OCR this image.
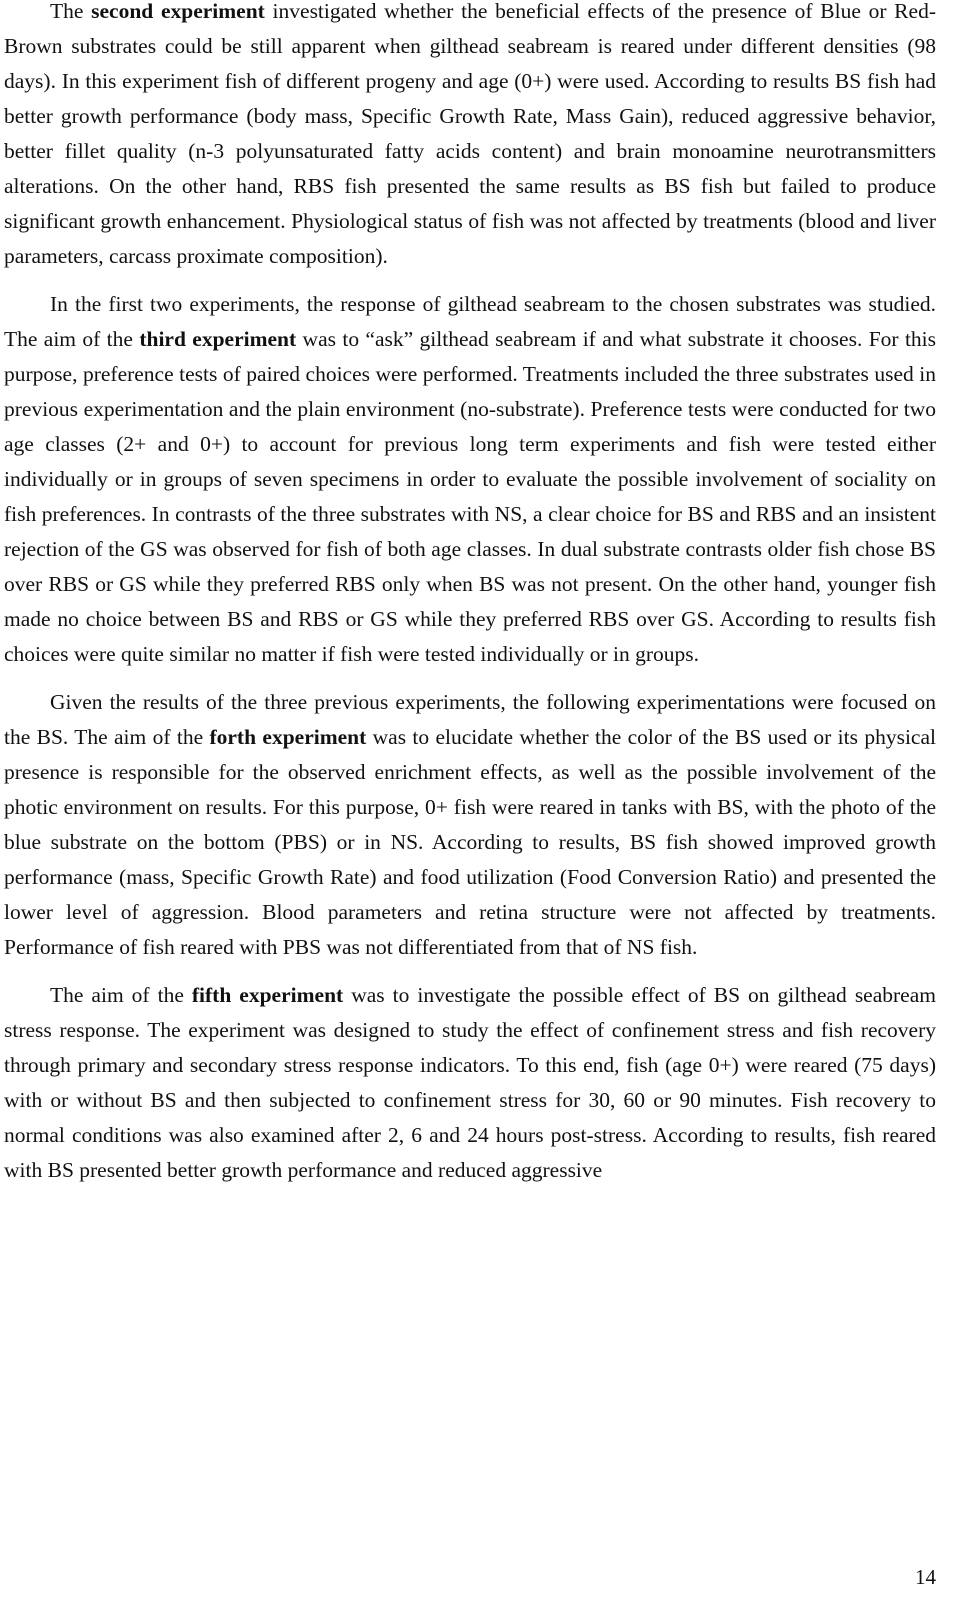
The second experiment investigated whether the beneficial effects of the presence of Blue or Red-Brown substrates could be still apparent when gilthead seabream is reared under different densities (98 days). In this experiment fish of different progeny and age (0+) were used. According to results BS fish had better growth performance (body mass, Specific Growth Rate, Mass Gain), reduced aggressive behavior, better fillet quality (n-3 polyunsaturated fatty acids content) and brain monoamine neurotransmitters alterations. On the other hand, RBS fish presented the same results as BS fish but failed to produce significant growth enhancement. Physiological status of fish was not affected by treatments (blood and liver parameters, carcass proximate composition).

In the first two experiments, the response of gilthead seabream to the chosen substrates was studied. The aim of the third experiment was to “ask” gilthead seabream if and what substrate it chooses. For this purpose, preference tests of paired choices were performed. Treatments included the three substrates used in previous experimentation and the plain environment (no-substrate). Preference tests were conducted for two age classes (2+ and 0+) to account for previous long term experiments and fish were tested either individually or in groups of seven specimens in order to evaluate the possible involvement of sociality on fish preferences. In contrasts of the three substrates with NS, a clear choice for BS and RBS and an insistent rejection of the GS was observed for fish of both age classes. In dual substrate contrasts older fish chose BS over RBS or GS while they preferred RBS only when BS was not present. On the other hand, younger fish made no choice between BS and RBS or GS while they preferred RBS over GS. According to results fish choices were quite similar no matter if fish were tested individually or in groups.

Given the results of the three previous experiments, the following experimentations were focused on the BS. The aim of the forth experiment was to elucidate whether the color of the BS used or its physical presence is responsible for the observed enrichment effects, as well as the possible involvement of the photic environment on results. For this purpose, 0+ fish were reared in tanks with BS, with the photo of the blue substrate on the bottom (PBS) or in NS. According to results, BS fish showed improved growth performance (mass, Specific Growth Rate) and food utilization (Food Conversion Ratio) and presented the lower level of aggression. Blood parameters and retina structure were not affected by treatments. Performance of fish reared with PBS was not differentiated from that of NS fish.

The aim of the fifth experiment was to investigate the possible effect of BS on gilthead seabream stress response. The experiment was designed to study the effect of confinement stress and fish recovery through primary and secondary stress response indicators. To this end, fish (age 0+) were reared (75 days) with or without BS and then subjected to confinement stress for 30, 60 or 90 minutes. Fish recovery to normal conditions was also examined after 2, 6 and 24 hours post-stress. According to results, fish reared with BS presented better growth performance and reduced aggressive

14
